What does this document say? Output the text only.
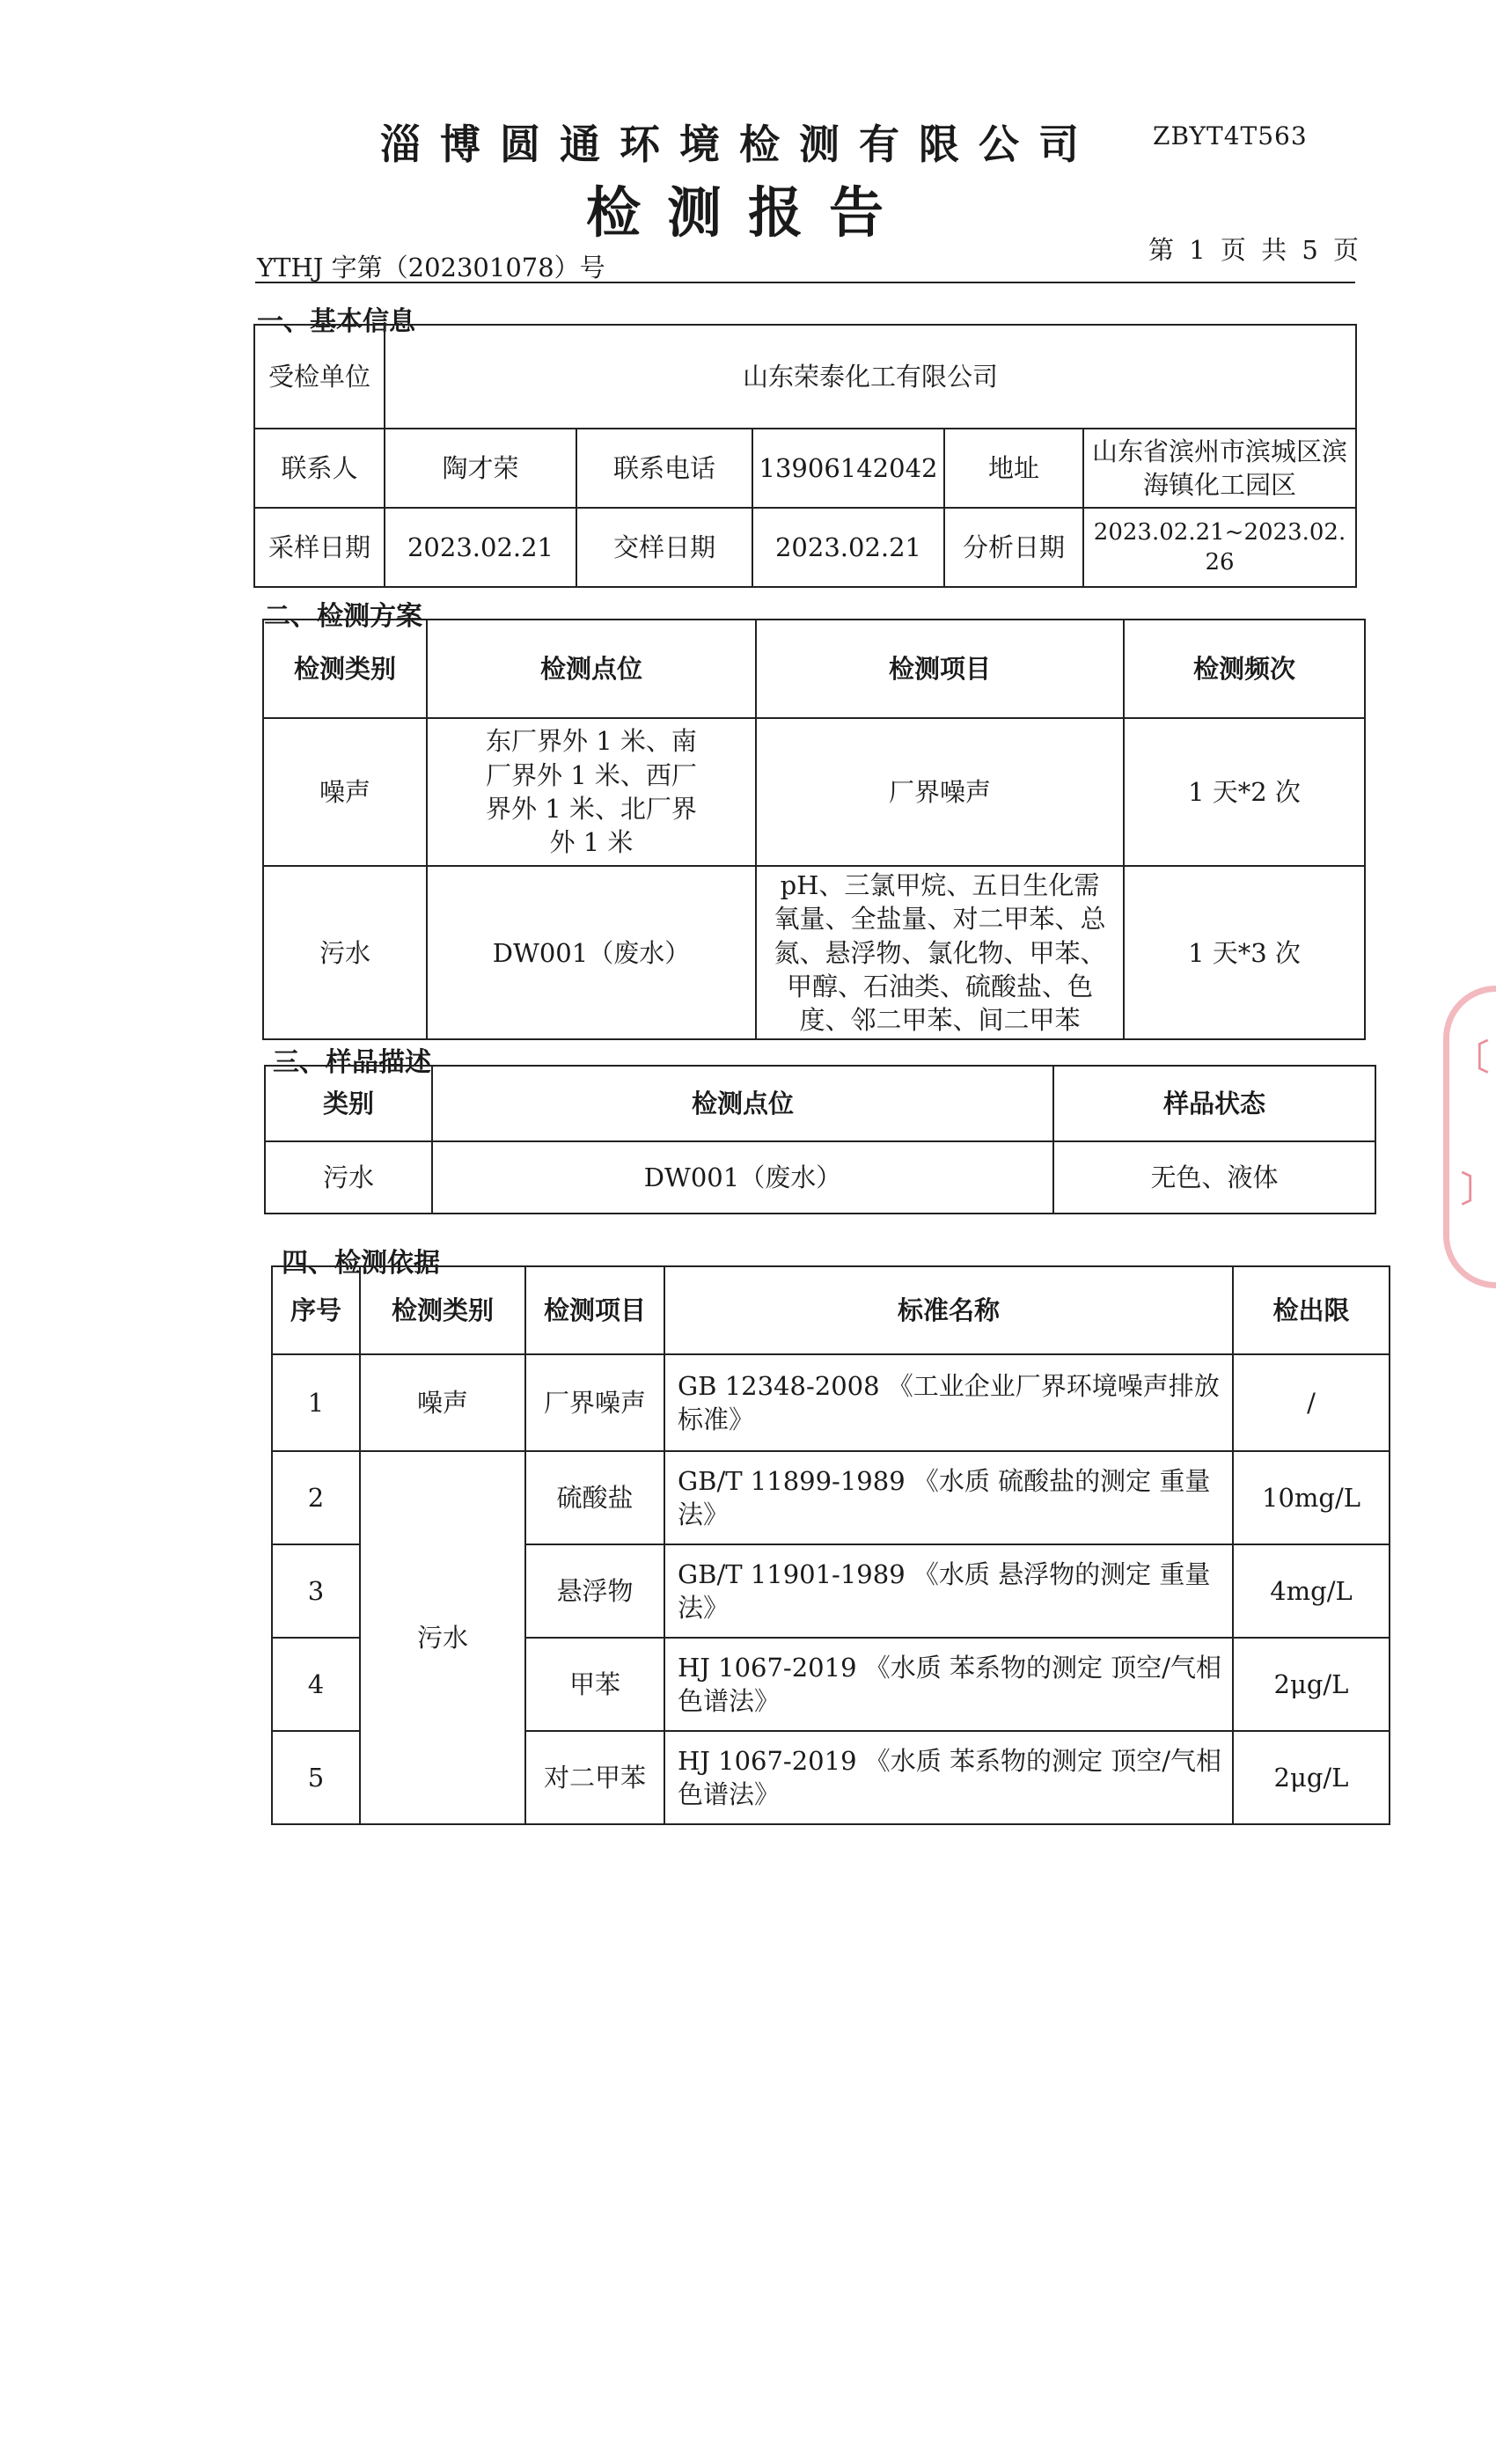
淄博圆通环境检测有限公司 ZBYT4T563
检测报告
YTHJ 字第（202301078）号
第 1 页 共 5 页
一、基本信息
受检单位	山东荣泰化工有限公司				
联系人	陶才荣	联系电话	13906142042	地址	山东省滨州市滨城区滨海镇化工园区
采样日期	2023.02.21	交样日期	2023.02.21	分析日期	2023.02.21~2023.02.26
二、检测方案
检测类别	检测点位	检测项目	检测频次
噪声	东厂界外 1 米、南厂界外 1 米、西厂界外 1 米、北厂界外 1 米	厂界噪声	1 天*2 次
污水	DW001（废水）	pH、三氯甲烷、五日生化需氧量、全盐量、对二甲苯、总氮、悬浮物、氯化物、甲苯、甲醇、石油类、硫酸盐、色度、邻二甲苯、间二甲苯	1 天*3 次
三、样品描述
类别	检测点位	样品状态
污水	DW001（废水）	无色、液体
四、检测依据
序号	检测类别	检测项目	标准名称	检出限
1	噪声	厂界噪声	GB 12348-2008 《工业企业厂界环境噪声排放标准》	/
2	污水	硫酸盐	GB/T 11899-1989 《水质 硫酸盐的测定 重量法》	10mg/L
3		悬浮物	GB/T 11901-1989 《水质 悬浮物的测定 重量法》	4mg/L
4		甲苯	HJ 1067-2019 《水质 苯系物的测定 顶空/气相色谱法》	2μg/L
5		对二甲苯	HJ 1067-2019 《水质 苯系物的测定 顶空/气相色谱法》	2μg/L
〔
〕
